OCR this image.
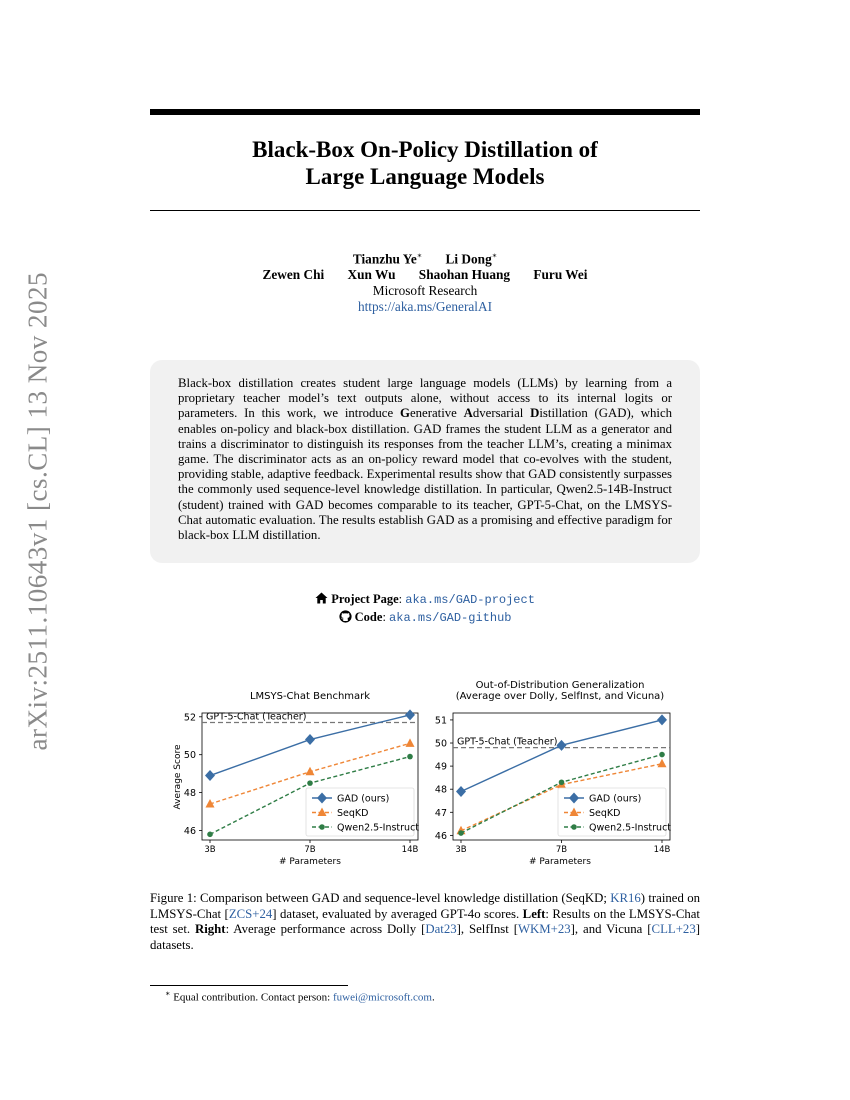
arXiv:2511.10643v1 [cs.CL] 13 Nov 2025
Black-Box On-Policy Distillation of
Large Language Models
Tianzhu Ye∗ Li Dong∗
Zewen Chi Xun Wu Shaohan Huang Furu Wei
Microsoft Research
https://aka.ms/GeneralAI
Black-box distillation creates student large language models (LLMs) by learning from a proprietary teacher model’s text outputs alone, without access to its internal logits or parameters. In this work, we introduce Generative Adversarial Distillation (GAD), which enables on-policy and black-box distillation. GAD frames the student LLM as a generator and trains a discriminator to distinguish its responses from the teacher LLM’s, creating a minimax game. The discriminator acts as an on-policy reward model that co-evolves with the student, providing stable, adaptive feedback. Experimental results show that GAD consistently surpasses the commonly used sequence-level knowledge distillation. In particular, Qwen2.5-14B-Instruct (student) trained with GAD becomes comparable to its teacher, GPT-5-Chat, on the LMSYS-Chat automatic evaluation. The results establish GAD as a promising and effective paradigm for black-box LLM distillation.
Project Page: aka.ms/GAD-project
Code: aka.ms/GAD-github
LMSYS-Chat Benchmark
Average Score
# Parameters
46
48
50
52
3B	7B	14B
GPT-5-Chat (Teacher)
GAD (ours)
SeqKD
Qwen2.5-Instruct
Out-of-Distribution Generalization
(Average over Dolly, SelfInst, and Vicuna)
# Parameters
46
47
48
49
50
51
3B	7B	14B
GPT-5-Chat (Teacher)
GAD (ours)
SeqKD
Qwen2.5-Instruct
Figure 1: Comparison between GAD and sequence-level knowledge distillation (SeqKD; KR16) trained on LMSYS-Chat [ZCS+24] dataset, evaluated by averaged GPT-4o scores. Left: Results on the LMSYS-Chat test set. Right: Average performance across Dolly [Dat23], SelfInst [WKM+23], and Vicuna [CLL+23] datasets.
∗ Equal contribution. Contact person: fuwei@microsoft.com.
